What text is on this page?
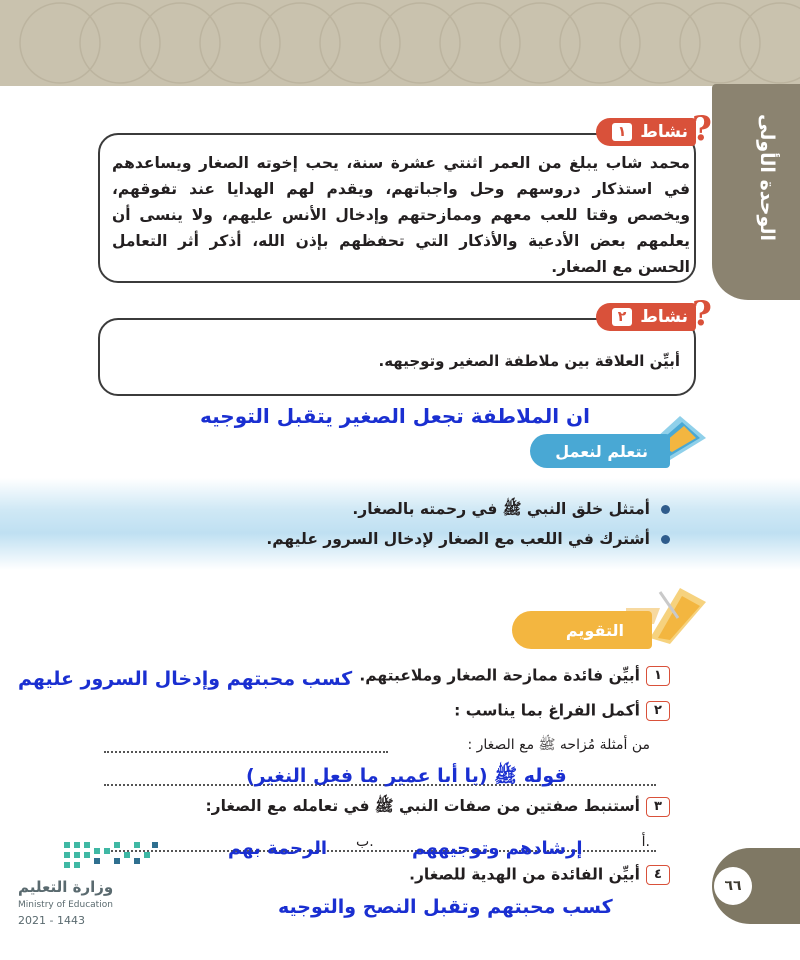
الوحدة الأولى
نشاط
١ ?
محمد شاب يبلغ من العمر اثنتي عشرة سنة، يحب إخوته الصغار ويساعدهم في استذكار دروسهم وحل واجباتهم، ويقدم لهم الهدايا عند تفوقهم، ويخصص وقتا للعب معهم وممازحتهم وإدخال الأنس عليهم، ولا ينسى أن يعلمهم بعض الأدعية والأذكار التي تحفظهم بإذن الله، أذكر أثر التعامل الحسن مع الصغار.
نشاط
٢ ?
أبيِّن العلاقة بين ملاطفة الصغير وتوجيهه.
ان الملاطفة تجعل الصغير يتقبل التوجيه
نتعلم لنعمل
أمتثل خلق النبي ﷺ في رحمته بالصغار.
أشترك في اللعب مع الصغار لإدخال السرور عليهم.
التقويم
١أبيِّن فائدة ممازحة الصغار وملاعبتهم.
كسب محبتهم وإدخال السرور عليهم
٢أكمل الفراغ بما يناسب :
من أمثلة مُزاحه ﷺ مع الصغار :
قوله ﷺ (يا أبا عمير ما فعل النغير)
٣أستنبط صفتين من صفات النبي ﷺ في تعامله مع الصغار:
أ.
ب. إرشادهم وتوجيههم
الرحمة بهم
٤أبيِّن الفائدة من الهدية للصغار.
كسب محبتهم وتقبل النصح والتوجيه
٦٦
وزارة التعليم
Ministry of Education
2021 - 1443
